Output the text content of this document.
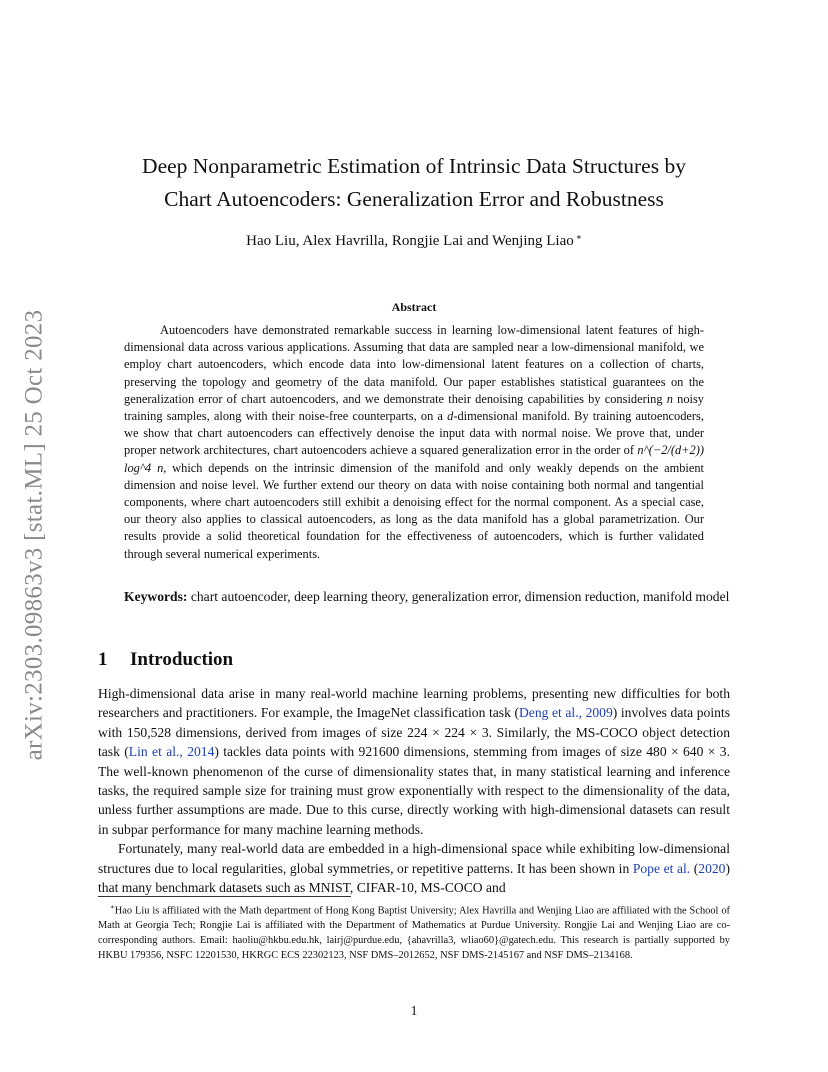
arXiv:2303.09863v3 [stat.ML] 25 Oct 2023
Deep Nonparametric Estimation of Intrinsic Data Structures by
Chart Autoencoders: Generalization Error and Robustness
Hao Liu, Alex Havrilla, Rongjie Lai and Wenjing Liao ∗
Abstract

Autoencoders have demonstrated remarkable success in learning low-dimensional latent features of high-dimensional data across various applications. Assuming that data are sampled near a low-dimensional manifold, we employ chart autoencoders, which encode data into low-dimensional latent features on a collection of charts, preserving the topology and geometry of the data manifold. Our paper establishes statistical guarantees on the generalization error of chart autoencoders, and we demonstrate their denoising capabilities by considering n noisy training samples, along with their noise-free counterparts, on a d-dimensional manifold. By training autoencoders, we show that chart autoencoders can effectively denoise the input data with normal noise. We prove that, under proper network architectures, chart autoencoders achieve a squared generalization error in the order of n^(−2/(d+2)) log^4 n, which depends on the intrinsic dimension of the manifold and only weakly depends on the ambient dimension and noise level. We further extend our theory on data with noise containing both normal and tangential components, where chart autoencoders still exhibit a denoising effect for the normal component. As a special case, our theory also applies to classical autoencoders, as long as the data manifold has a global parametrization. Our results provide a solid theoretical foundation for the effectiveness of autoencoders, which is further validated through several numerical experiments.

Keywords: chart autoencoder, deep learning theory, generalization error, dimension reduction, manifold model
1 Introduction

High-dimensional data arise in many real-world machine learning problems, presenting new difficulties for both researchers and practitioners. For example, the ImageNet classification task (Deng et al., 2009) involves data points with 150,528 dimensions, derived from images of size 224 × 224 × 3. Similarly, the MS-COCO object detection task (Lin et al., 2014) tackles data points with 921600 dimensions, stemming from images of size 480 × 640 × 3. The well-known phenomenon of the curse of dimensionality states that, in many statistical learning and inference tasks, the required sample size for training must grow exponentially with respect to the dimensionality of the data, unless further assumptions are made. Due to this curse, directly working with high-dimensional datasets can result in subpar performance for many machine learning methods.

Fortunately, many real-world data are embedded in a high-dimensional space while exhibiting low-dimensional structures due to local regularities, global symmetries, or repetitive patterns. It has been shown in Pope et al. (2020) that many benchmark datasets such as MNIST, CIFAR-10, MS-COCO and

∗Hao Liu is affiliated with the Math department of Hong Kong Baptist University; Alex Havrilla and Wenjing Liao are affiliated with the School of Math at Georgia Tech; Rongjie Lai is affiliated with the Department of Mathematics at Purdue University. Rongjie Lai and Wenjing Liao are co-corresponding authors. Email: haoliu@hkbu.edu.hk, lairj@purdue.edu, {ahavrilla3, wliao60}@gatech.edu. This research is partially supported by HKBU 179356, NSFC 12201530, HKRGC ECS 22302123, NSF DMS–2012652, NSF DMS-2145167 and NSF DMS–2134168.
1
